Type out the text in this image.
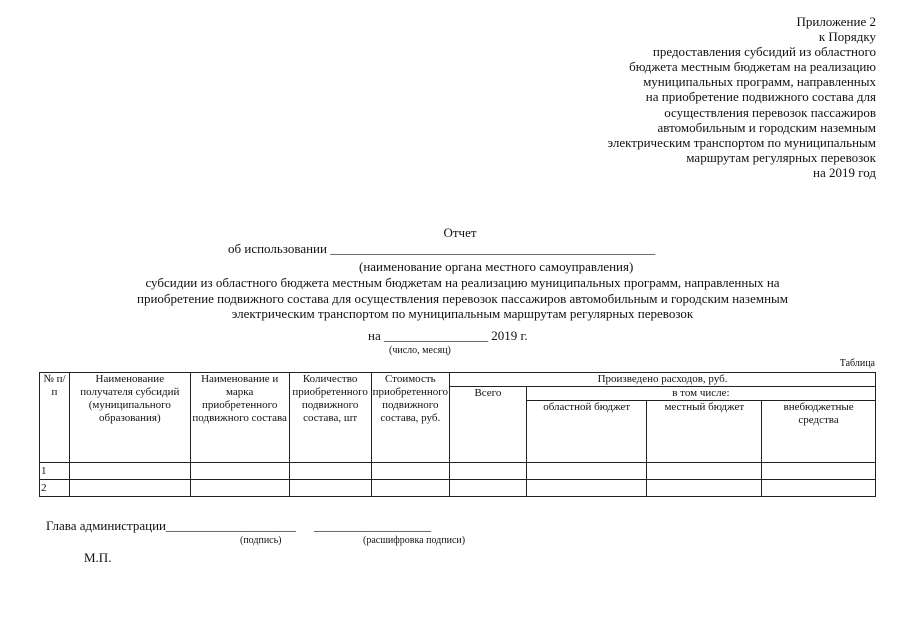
Приложение 2
к Порядку
предоставления субсидий из областного
бюджета местным бюджетам на реализацию
муниципальных программ, направленных
на приобретение подвижного состава для
осуществления перевозок пассажиров
автомобильным и городским наземным
электрическим транспортом по муниципальным
маршрутам регулярных перевозок
на 2019 год
Отчет
об использовании __________________________________________________
(наименование органа местного самоуправления)
субсидии из областного бюджета местным бюджетам на реализацию муниципальных программ, направленных на
приобретение подвижного состава для осуществления перевозок пассажиров автомобильным и городским наземным
электрическим транспортом по муниципальным маршрутам регулярных перевозок
на ________________ 2019 г.
(число, месяц)
Таблица
№ п/п	Наименование получателя субсидий (муниципального образования)	Наименование и марка приобретенного подвижного состава	Количество приобретенного подвижного состава, шт	Стоимость приобретенного подвижного состава, руб.	Произведено расходов, руб.			
					Всего	в том числе:		
						областной бюджет	местный бюджет	внебюджетные средства
1								
2								
Глава администрации____________________ __________________
(подпись)	(расшифровка подписи)
М.П.
